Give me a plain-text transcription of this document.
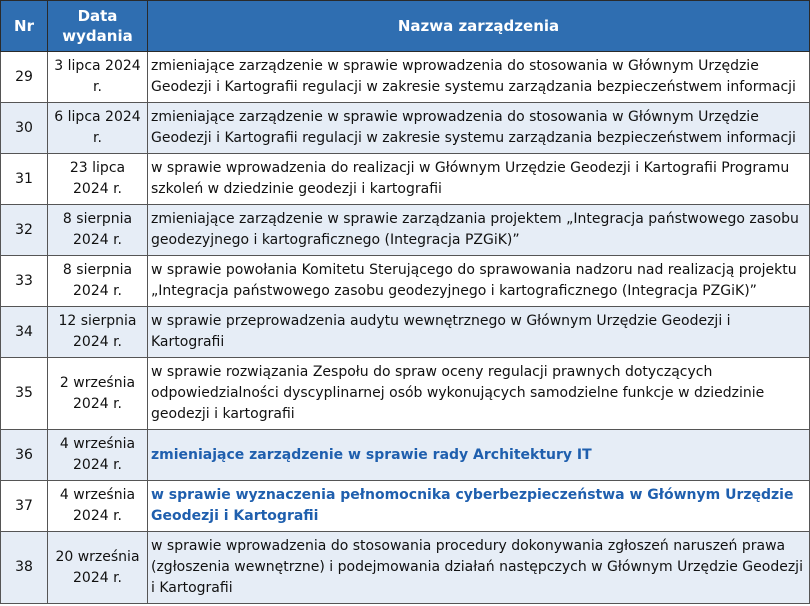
Nr	Data wydania	Nazwa zarządzenia
29	3 lipca 2024 r.	zmieniające zarządzenie w sprawie wprowadzenia do stosowania w Głównym Urzędzie Geodezji i Kartografii regulacji w zakresie systemu zarządzania bezpieczeństwem informacji
30	6 lipca 2024 r.	zmieniające zarządzenie w sprawie wprowadzenia do stosowania w Głównym Urzędzie Geodezji i Kartografii regulacji w zakresie systemu zarządzania bezpieczeństwem informacji
31	23 lipca 2024 r.	w sprawie wprowadzenia do realizacji w Głównym Urzędzie Geodezji i Kartografii Programu szkoleń w dziedzinie geodezji i kartografii
32	8 sierpnia 2024 r.	zmieniające zarządzenie w sprawie zarządzania projektem „Integracja państwowego zasobu geodezyjnego i kartograficznego (Integracja PZGiK)”
33	8 sierpnia 2024 r.	w sprawie powołania Komitetu Sterującego do sprawowania nadzoru nad realizacją projektu „Integracja państwowego zasobu geodezyjnego i kartograficznego (Integracja PZGiK)”
34	12 sierpnia 2024 r.	w sprawie przeprowadzenia audytu wewnętrznego w Głównym Urzędzie Geodezji i Kartografii
35	2 września 2024 r.	w sprawie rozwiązania Zespołu do spraw oceny regulacji prawnych dotyczących odpowiedzialności dyscyplinarnej osób wykonujących samodzielne funkcje w dziedzinie geodezji i kartografii
36	4 września 2024 r.	zmieniające zarządzenie w sprawie rady Architektury IT
37	4 września 2024 r.	w sprawie wyznaczenia pełnomocnika cyberbezpieczeństwa w Głównym Urzędzie Geodezji i Kartografii
38	20 września 2024 r.	w sprawie wprowadzenia do stosowania procedury dokonywania zgłoszeń naruszeń prawa (zgłoszenia wewnętrzne) i podejmowania działań następczych w Głównym Urzędzie Geodezji i Kartografii
